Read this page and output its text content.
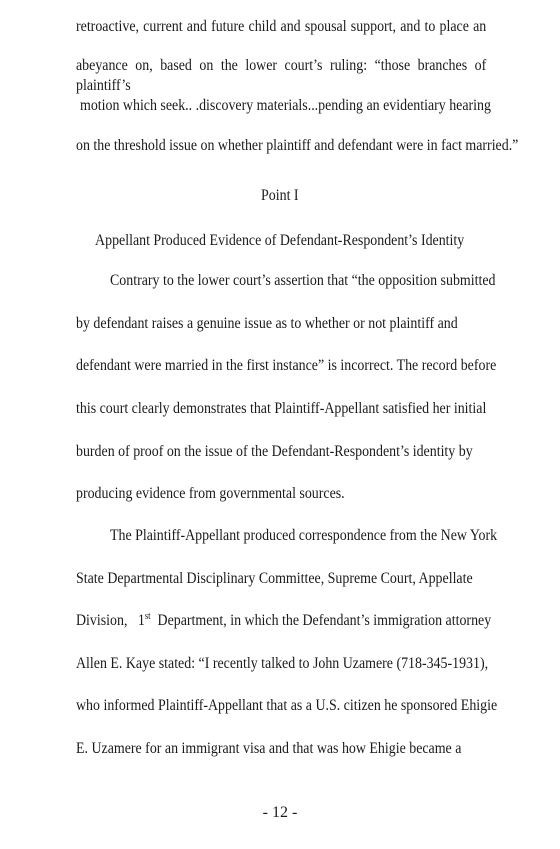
retroactive, current and future child and spousal support, and to place an
abeyance on, based on the lower court’s ruling: “those branches of plaintiff’s
motion which seek.. .discovery materials...pending an evidentiary hearing
on the threshold issue on whether plaintiff and defendant were in fact married.”
Point I
Appellant Produced Evidence of Defendant-Respondent’s Identity
Contrary to the lower court’s assertion that “the opposition submitted
by defendant raises a genuine issue as to whether or not plaintiff and
defendant were married in the first instance” is incorrect. The record before
this court clearly demonstrates that Plaintiff-Appellant satisfied her initial
burden of proof on the issue of the Defendant-Respondent’s identity by
producing evidence from governmental sources.
The Plaintiff-Appellant produced correspondence from the New York
State Departmental Disciplinary Committee, Supreme Court, Appellate
Division, 1st Department, in which the Defendant’s immigration attorney
Allen E. Kaye stated: “I recently talked to John Uzamere (718-345-1931),
who informed Plaintiff-Appellant that as a U.S. citizen he sponsored Ehigie
E. Uzamere for an immigrant visa and that was how Ehigie became a
- 12 -
